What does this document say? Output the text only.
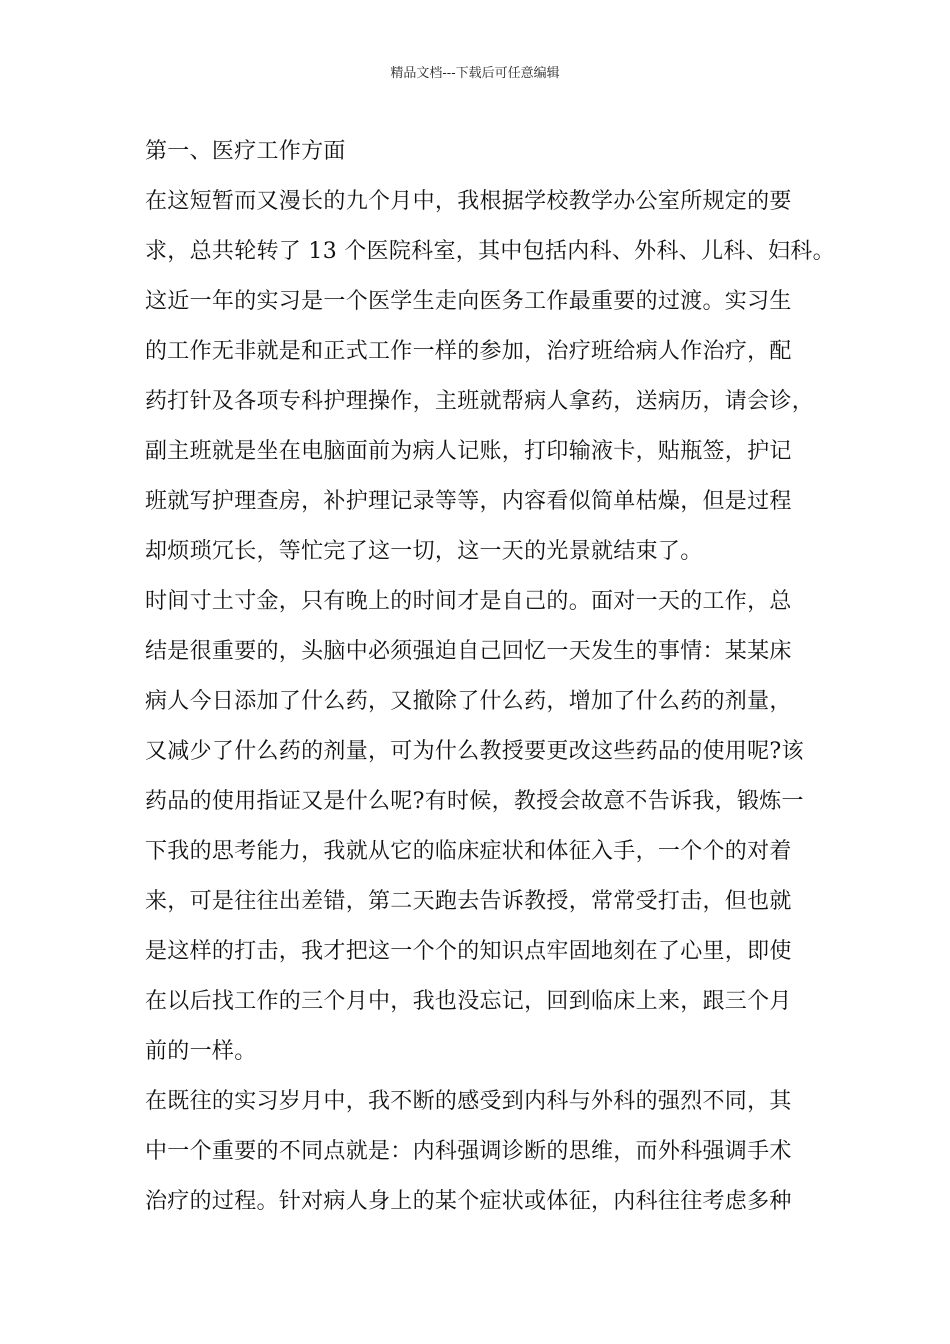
精品文档---下载后可任意编辑
第一、医疗工作方面
在这短暂而又漫长的九个月中，我根据学校教学办公室所规定的要
求，总共轮转了 13 个医院科室，其中包括内科、外科、儿科、妇科。
这近一年的实习是一个医学生走向医务工作最重要的过渡。实习生
的工作无非就是和正式工作一样的参加，治疗班给病人作治疗，配
药打针及各项专科护理操作，主班就帮病人拿药，送病历，请会诊，
副主班就是坐在电脑面前为病人记账，打印输液卡，贴瓶签，护记
班就写护理查房，补护理记录等等，内容看似简单枯燥，但是过程
却烦琐冗长，等忙完了这一切，这一天的光景就结束了。
时间寸土寸金，只有晚上的时间才是自己的。面对一天的工作，总
结是很重要的，头脑中必须强迫自己回忆一天发生的事情：某某床
病人今日添加了什么药，又撤除了什么药，增加了什么药的剂量，
又减少了什么药的剂量，可为什么教授要更改这些药品的使用呢?该
药品的使用指证又是什么呢?有时候，教授会故意不告诉我，锻炼一
下我的思考能力，我就从它的临床症状和体征入手，一个个的对着
来，可是往往出差错，第二天跑去告诉教授，常常受打击，但也就
是这样的打击，我才把这一个个的知识点牢固地刻在了心里，即使
在以后找工作的三个月中，我也没忘记，回到临床上来，跟三个月
前的一样。
在既往的实习岁月中，我不断的感受到内科与外科的强烈不同，其
中一个重要的不同点就是：内科强调诊断的思维，而外科强调手术
治疗的过程。针对病人身上的某个症状或体征，内科往往考虑多种
